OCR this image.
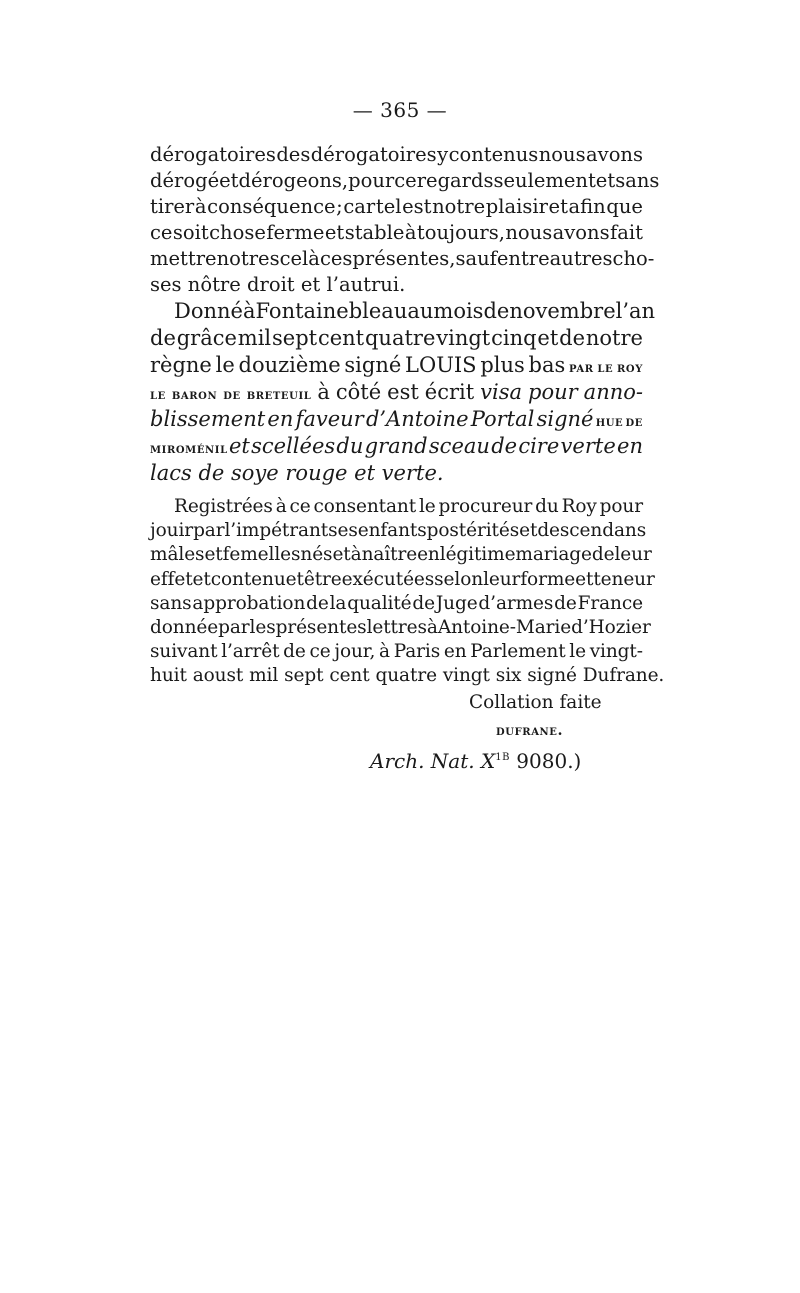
— 365 —
dérogatoires des dérogatoires y contenus nous avons
dérogé et dérogeons, pour ce regards seulement et sans
tirer à conséquence ; car tel est notre plaisir et afin que
ce soit chose ferme et stable à toujours, nous avons fait
mettre notre scel à ces présentes,sauf entre autres cho-
ses nôtre droit et l’autrui.
Donné à Fontainebleau au mois de novembre l’an
de grâce mil sept cent quatre vingt cinq et de notre
règne le douzième signé LOUIS plus bas par le roy
le baron de breteuil à côté est écrit visa pour anno-
blissement en faveur d’Antoine Portal signé hue de
miroménil et scellées du grand sceau de cire verte en
lacs de soye rouge et verte.
Registrées à ce consentant le procureur du Roy pour
jouir par l’impétrant ses enfants postérités et descendans
mâles et femelles nés et à naître en légitime mariage de leur
effet et contenu et être exécutées selon leur forme et teneur
sans approbation de la qualité de Juge d’armes de France
donnée par les présentes lettres à Antoine-Marie d’Hozier
suivant l’arrêt de ce jour, à Paris en Parlement le vingt-
huit aoust mil sept cent quatre vingt six signé Dufrane.
Collation faite
dufrane.
Arch. Nat. $X^{1B}$ 9080.)
